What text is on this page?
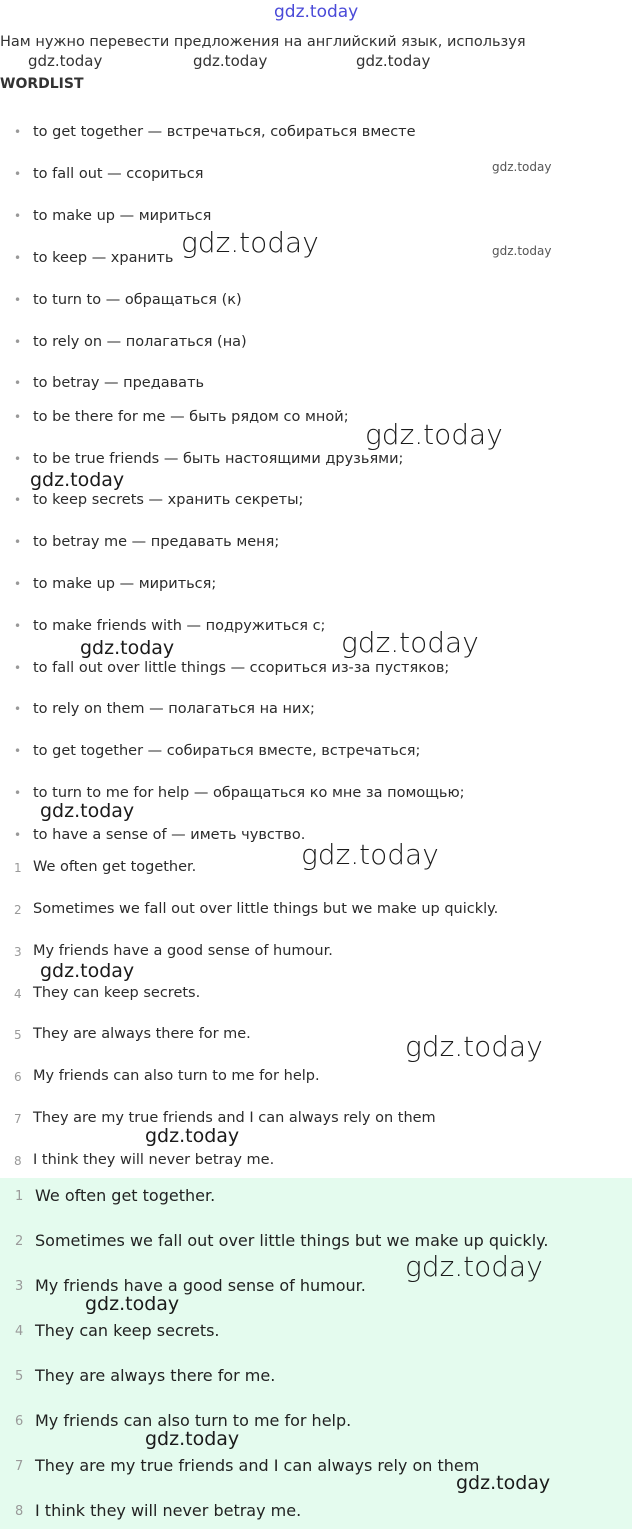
gdz.today
Нам нужно перевести предложения на английский язык, используя
WORDLIST
• to get together — встречаться, собираться вместе
• to fall out — ссориться
• to make up — мириться
• to keep — хранить
• to turn to — обращаться (к)
• to rely on — полагаться (на)
• to betray — предавать
• to be there for me — быть рядом со мной;
• to be true friends — быть настоящими друзьями;
• to keep secrets — хранить секреты;
• to betray me — предавать меня;
• to make up — мириться;
• to make friends with — подружиться с;
• to fall out over little things — ссориться из-за пустяков;
• to rely on them — полагаться на них;
• to get together — собираться вместе, встречаться;
• to turn to me for help — обращаться ко мне за помощью;
• to have a sense of — иметь чувство.
1 We often get together.
2 Sometimes we fall out over little things but we make up quickly.
3 My friends have a good sense of humour.
4 They can keep secrets.
5 They are always there for me.
6 My friends can also turn to me for help.
7 They are my true friends and I can always rely on them
8 I think they will never betray me.
1 We often get together.
2 Sometimes we fall out over little things but we make up quickly.
3 My friends have a good sense of humour.
4 They can keep secrets.
5 They are always there for me.
6 My friends can also turn to me for help.
7 They are my true friends and I can always rely on them
8 I think they will never betray me.
gdz.today	gdz.today	gdz.today
gdz.today
gdz.today	gdz.today
gdz.today
gdz.today
gdz.today	gdz.today
gdz.today
gdz.today
gdz.today
gdz.today
gdz.today
gdz.today
gdz.today
gdz.today
gdz.today
